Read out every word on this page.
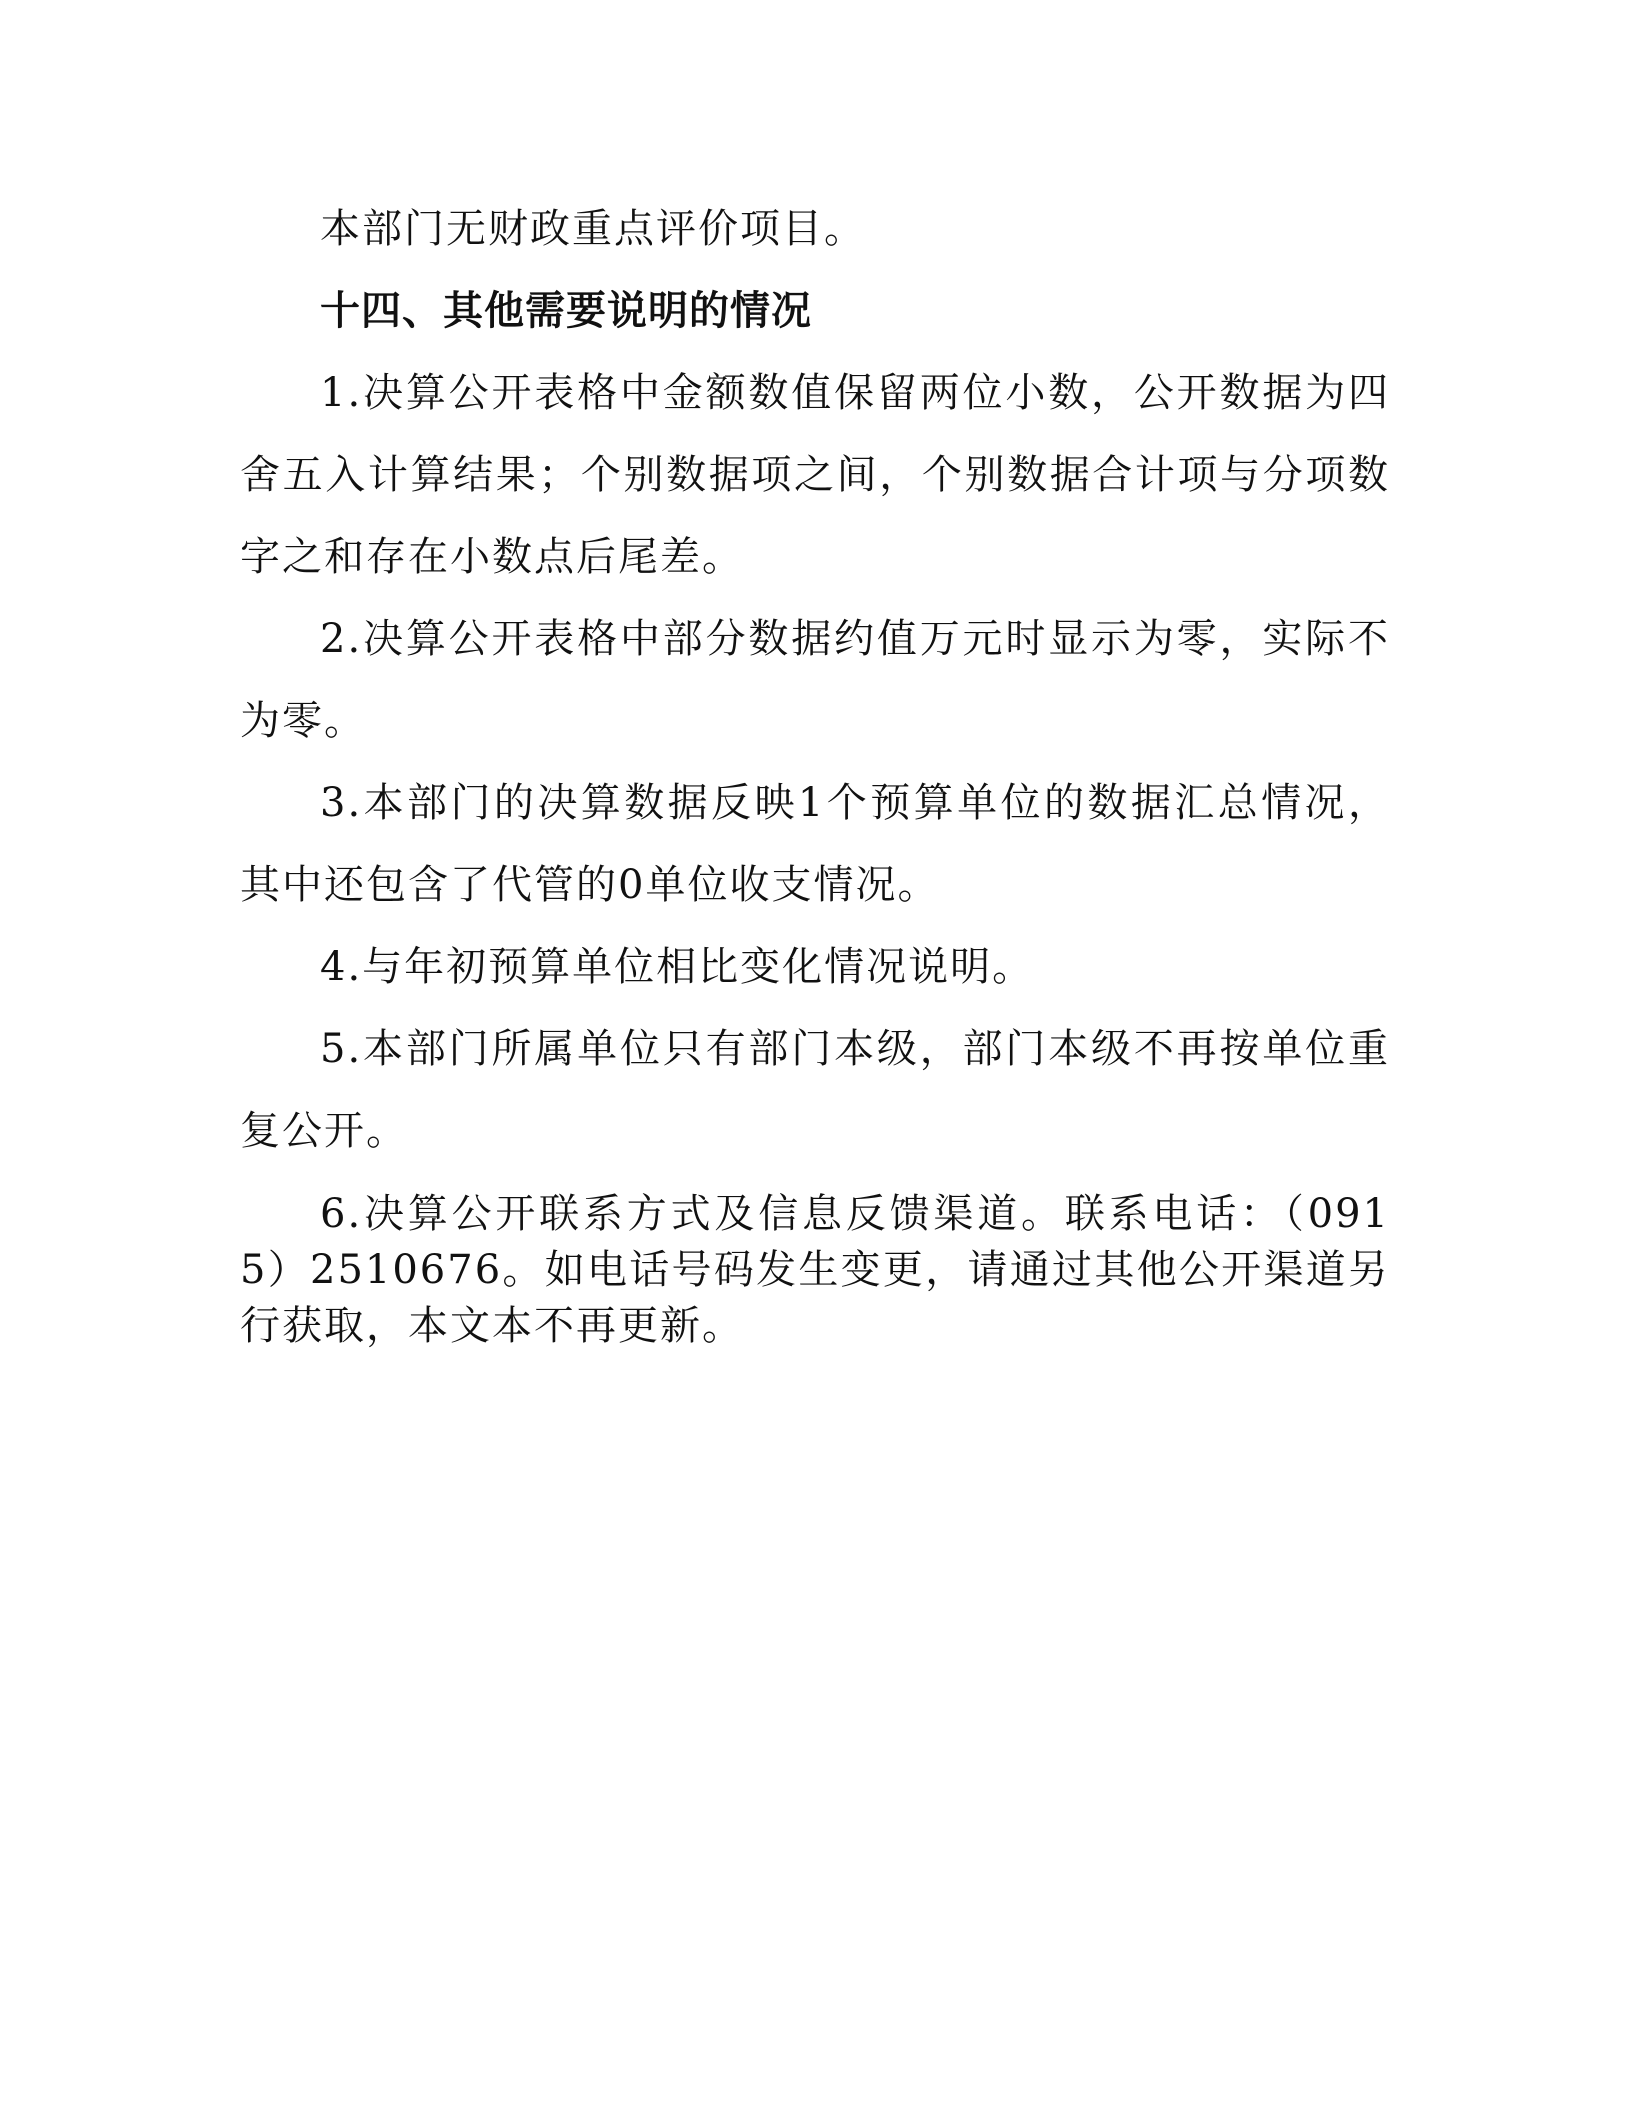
本部门无财政重点评价项目。

十四、其他需要说明的情况

1.决算公开表格中金额数值保留两位小数，公开数据为四舍五入计算结果；个别数据项之间，个别数据合计项与分项数字之和存在小数点后尾差。

2.决算公开表格中部分数据约值万元时显示为零，实际不为零。

3.本部门的决算数据反映1个预算单位的数据汇总情况，其中还包含了代管的0单位收支情况。

4.与年初预算单位相比变化情况说明。

5.本部门所属单位只有部门本级，部门本级不再按单位重复公开。

6.决算公开联系方式及信息反馈渠道。联系电话：（0915）2510676。如电话号码发生变更，请通过其他公开渠道另行获取，本文本不再更新。
